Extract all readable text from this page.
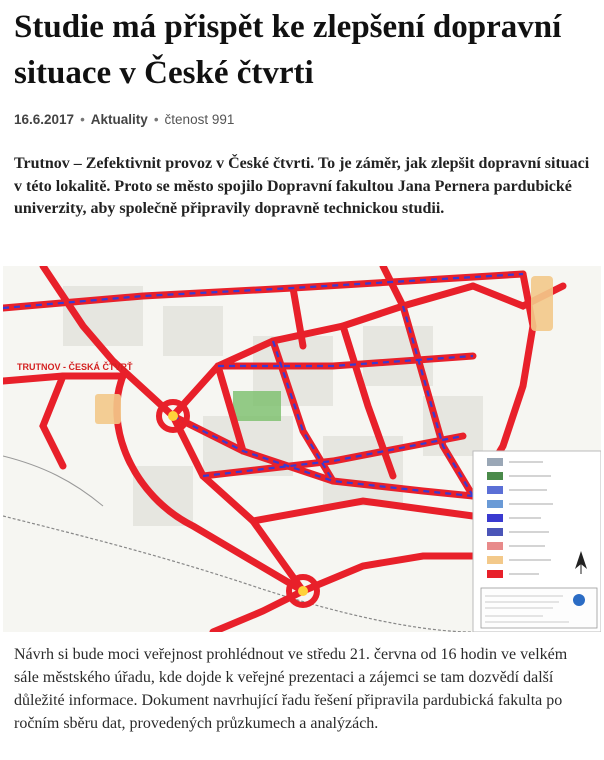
Studie má přispět ke zlepšení dopravní situace v České čtvrti
16.6.2017 • Aktuality • čtenost 991

Trutnov – Zefektivnit provoz v České čtvrti. To je záměr, jak zlepšit dopravní situaci v této lokalitě. Proto se město spojilo Dopravní fakultou Jana Pernera pardubické univerzity, aby společně připravily dopravně technickou studii.

TRUTNOV - ČESKÁ ČTVRŤ

Návrh si bude moci veřejnost prohlédnout ve středu 21. června od 16 hodin ve velkém sále městského úřadu, kde dojde k veřejné prezentaci a zájemci se tam dozvědí další důležité informace. Dokument navrhující řadu řešení připravila pardubická fakulta po ročním sběru dat, provedených průzkumech a analýzách.
